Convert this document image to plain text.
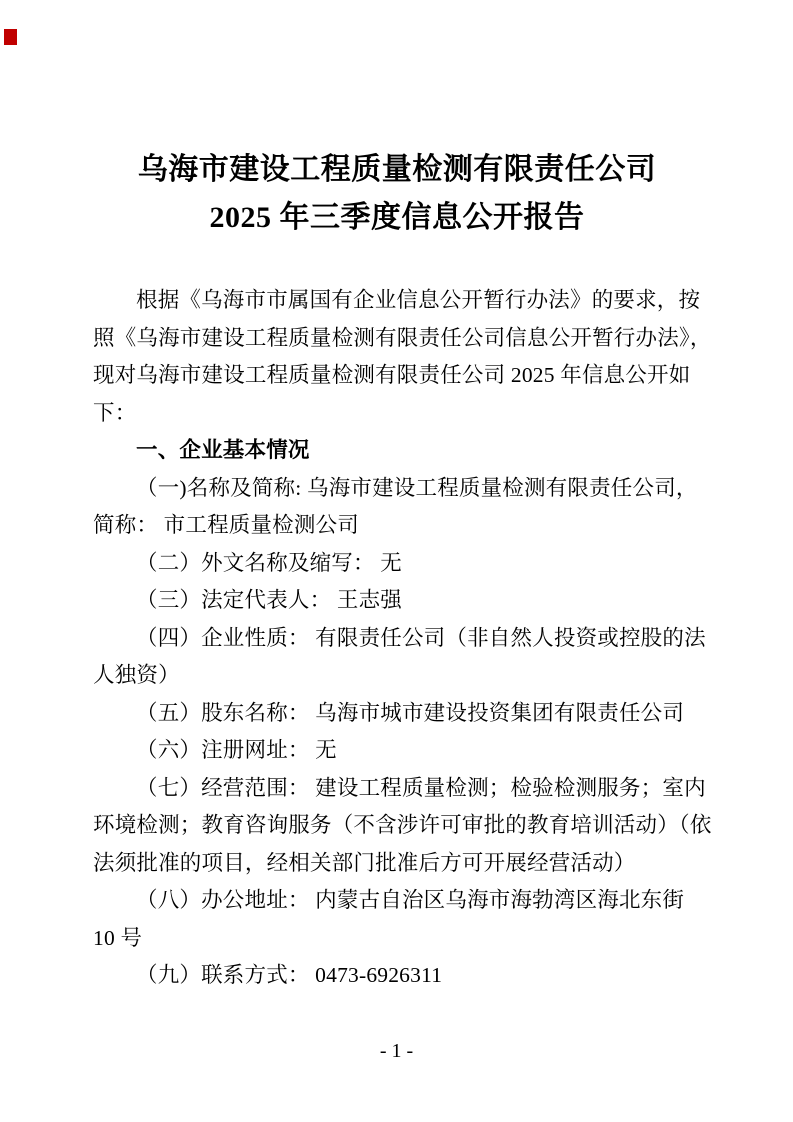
乌海市建设工程质量检测有限责任公司
2025 年三季度信息公开报告
根据《乌海市市属国有企业信息公开暂行办法》的要求，按
照《乌海市建设工程质量检测有限责任公司信息公开暂行办法》，
现对乌海市建设工程质量检测有限责任公司 2025 年信息公开如
下：
一、企业基本情况
（一)名称及简称: 乌海市建设工程质量检测有限责任公司，
简称： 市工程质量检测公司
（二）外文名称及缩写： 无
（三）法定代表人： 王志强
（四）企业性质： 有限责任公司（非自然人投资或控股的法
人独资）
（五）股东名称： 乌海市城市建设投资集团有限责任公司
（六）注册网址： 无
（七）经营范围： 建设工程质量检测；检验检测服务；室内
环境检测；教育咨询服务（不含涉许可审批的教育培训活动）（依
法须批准的项目，经相关部门批准后方可开展经营活动）
（八）办公地址： 内蒙古自治区乌海市海勃湾区海北东街
10 号
（九）联系方式： 0473-6926311
- 1 -
